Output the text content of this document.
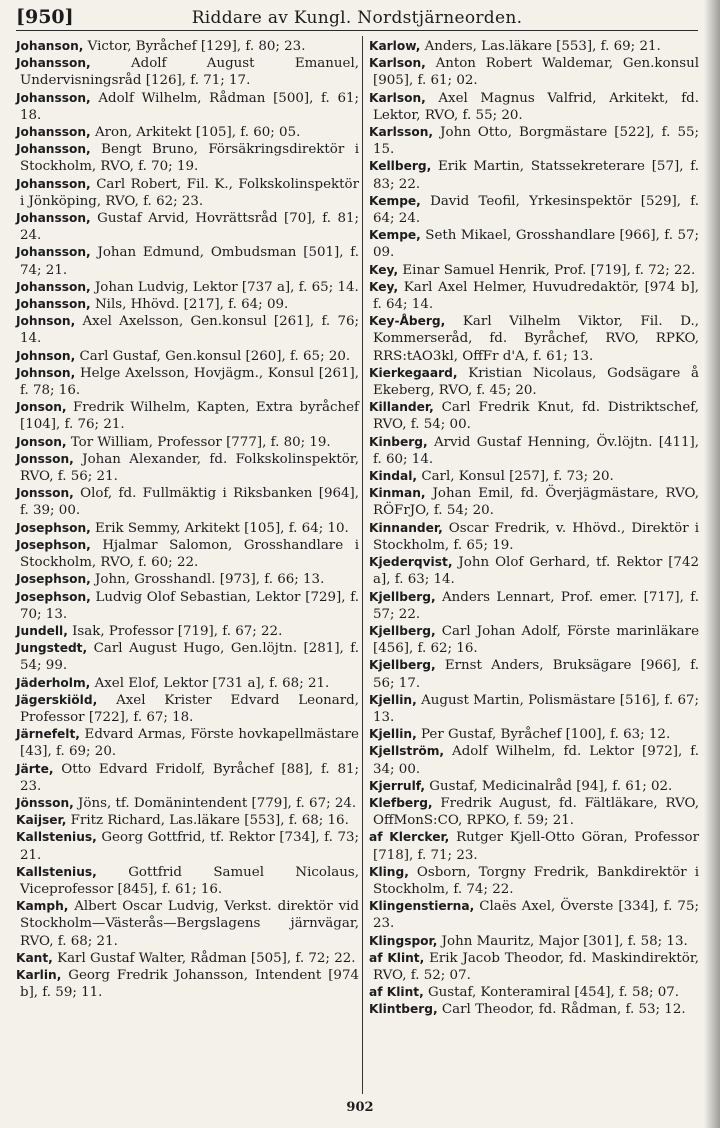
[950]	Riddare av Kungl. Nordstjärneorden.

Johanson, Victor, Byråchef [129], f. 80; 23.

Johansson, Adolf August Emanuel, Undervisningsråd [126], f. 71; 17.

Johansson, Adolf Wilhelm, Rådman [500], f. 61; 18.

Johansson, Aron, Arkitekt [105], f. 60; 05.

Johansson, Bengt Bruno, Försäkringsdirektör i Stockholm, RVO, f. 70; 19.

Johansson, Carl Robert, Fil. K., Folkskolinspektör i Jönköping, RVO, f. 62; 23.

Johansson, Gustaf Arvid, Hovrättsråd [70], f. 81; 24.

Johansson, Johan Edmund, Ombudsman [501], f. 74; 21.

Johansson, Johan Ludvig, Lektor [737 a], f. 65; 14.

Johansson, Nils, Hhövd. [217], f. 64; 09.

Johnson, Axel Axelsson, Gen.konsul [261], f. 76; 14.

Johnson, Carl Gustaf, Gen.konsul [260], f. 65; 20.

Johnson, Helge Axelsson, Hovjägm., Konsul [261], f. 78; 16.

Jonson, Fredrik Wilhelm, Kapten, Extra byråchef [104], f. 76; 21.

Jonson, Tor William, Professor [777], f. 80; 19.

Jonsson, Johan Alexander, fd. Folkskolinspektör, RVO, f. 56; 21.

Jonsson, Olof, fd. Fullmäktig i Riksbanken [964], f. 39; 00.

Josephson, Erik Semmy, Arkitekt [105], f. 64; 10.

Josephson, Hjalmar Salomon, Grosshandlare i Stockholm, RVO, f. 60; 22.

Josephson, John, Grosshandl. [973], f. 66; 13.

Josephson, Ludvig Olof Sebastian, Lektor [729], f. 70; 13.

Jundell, Isak, Professor [719], f. 67; 22.

Jungstedt, Carl August Hugo, Gen.löjtn. [281], f. 54; 99.

Jäderholm, Axel Elof, Lektor [731 a], f. 68; 21.

Jägerskiöld, Axel Krister Edvard Leonard, Professor [722], f. 67; 18.

Järnefelt, Edvard Armas, Förste hovkapellmästare [43], f. 69; 20.

Järte, Otto Edvard Fridolf, Byråchef [88], f. 81; 23.

Jönsson, Jöns, tf. Domänintendent [779], f. 67; 24.

Kaijser, Fritz Richard, Las.läkare [553], f. 68; 16.

Kallstenius, Georg Gottfrid, tf. Rektor [734], f. 73; 21.

Kallstenius, Gottfrid Samuel Nicolaus, Viceprofessor [845], f. 61; 16.

Kamph, Albert Oscar Ludvig, Verkst. direktör vid Stockholm—Västerås—Bergslagens järnvägar, RVO, f. 68; 21.

Kant, Karl Gustaf Walter, Rådman [505], f. 72; 22.

Karlin, Georg Fredrik Johansson, Intendent [974 b], f. 59; 11.

Karlow, Anders, Las.läkare [553], f. 69; 21.

Karlson, Anton Robert Waldemar, Gen.konsul [905], f. 61; 02.

Karlson, Axel Magnus Valfrid, Arkitekt, fd. Lektor, RVO, f. 55; 20.

Karlsson, John Otto, Borgmästare [522], f. 55; 15.

Kellberg, Erik Martin, Statssekreterare [57], f. 83; 22.

Kempe, David Teofil, Yrkesinspektör [529], f. 64; 24.

Kempe, Seth Mikael, Grosshandlare [966], f. 57; 09.

Key, Einar Samuel Henrik, Prof. [719], f. 72; 22.

Key, Karl Axel Helmer, Huvudredaktör, [974 b], f. 64; 14.

Key-Åberg, Karl Vilhelm Viktor, Fil. D., Kommerseråd, fd. Byråchef, RVO, RPKO, RRS:tAO3kl, OffFr d'A, f. 61; 13.

Kierkegaard, Kristian Nicolaus, Godsägare å Ekeberg, RVO, f. 45; 20.

Killander, Carl Fredrik Knut, fd. Distriktschef, RVO, f. 54; 00.

Kinberg, Arvid Gustaf Henning, Öv.löjtn. [411], f. 60; 14.

Kindal, Carl, Konsul [257], f. 73; 20.

Kinman, Johan Emil, fd. Överjägmästare, RVO, RÖFrJO, f. 54; 20.

Kinnander, Oscar Fredrik, v. Hhövd., Direktör i Stockholm, f. 65; 19.

Kjederqvist, John Olof Gerhard, tf. Rektor [742 a], f. 63; 14.

Kjellberg, Anders Lennart, Prof. emer. [717], f. 57; 22.

Kjellberg, Carl Johan Adolf, Förste marinläkare [456], f. 62; 16.

Kjellberg, Ernst Anders, Bruksägare [966], f. 56; 17.

Kjellin, August Martin, Polismästare [516], f. 67; 13.

Kjellin, Per Gustaf, Byråchef [100], f. 63; 12.

Kjellström, Adolf Wilhelm, fd. Lektor [972], f. 34; 00.

Kjerrulf, Gustaf, Medicinalråd [94], f. 61; 02.

Klefberg, Fredrik August, fd. Fältläkare, RVO, OffMonS:CO, RPKO, f. 59; 21.

af Klercker, Rutger Kjell-Otto Göran, Professor [718], f. 71; 23.

Kling, Osborn, Torgny Fredrik, Bankdirektör i Stockholm, f. 74; 22.

Klingenstierna, Claës Axel, Överste [334], f. 75; 23.

Klingspor, John Mauritz, Major [301], f. 58; 13.

af Klint, Erik Jacob Theodor, fd. Maskindirektör, RVO, f. 52; 07.

af Klint, Gustaf, Konteramiral [454], f. 58; 07.

Klintberg, Carl Theodor, fd. Rådman, f. 53; 12.

902
